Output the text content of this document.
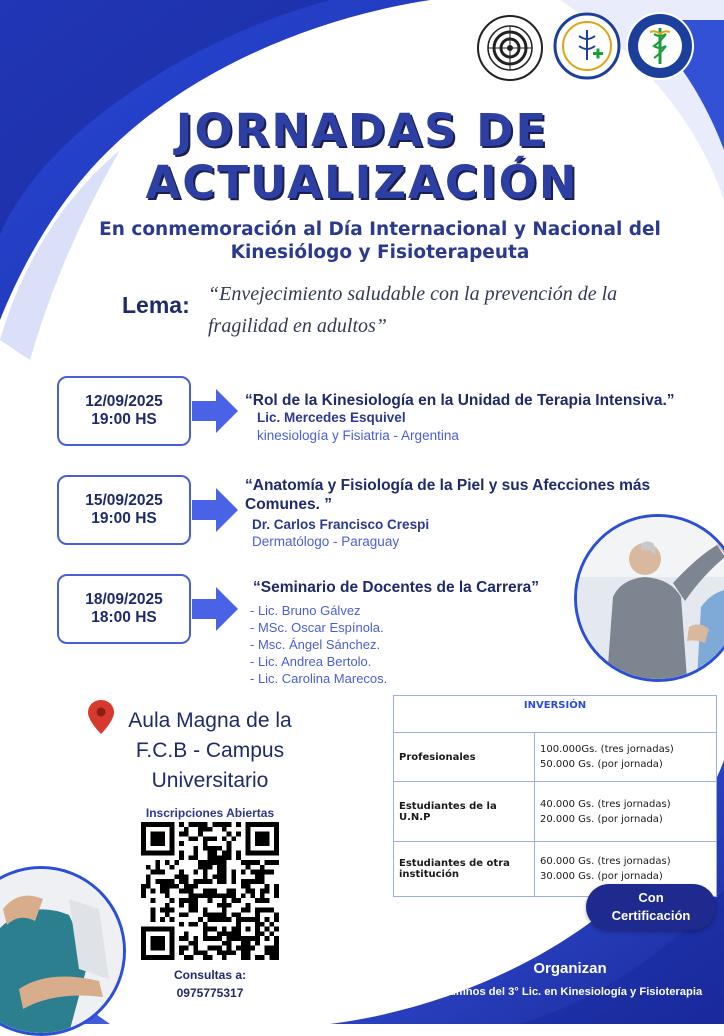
JORNADAS DE
ACTUALIZACIÓN
En conmemoración al Día Internacional y Nacional del
Kinesiólogo y Fisioterapeuta
Lema: “Envejecimiento saludable con la prevención de la fragilidad en adultos”
12/09/2025
19:00 HS
“Rol de la Kinesiología en la Unidad de Terapia Intensiva.”
Lic. Mercedes Esquivel
kinesiología y Fisiatria - Argentina
15/09/2025
19:00 HS
“Anatomía y Fisiología de la Piel y sus Afecciones más Comunes. ”
Dr. Carlos Francisco Crespi
Dermatólogo - Paraguay
18/09/2025
18:00 HS
“Seminario de Docentes de la Carrera”
- Lic. Bruno Gálvez
- MSc. Oscar Espínola.
- Msc. Ángel Sánchez.
- Lic. Andrea Bertolo.
- Lic. Carolina Marecos.
Aula Magna de la
F.C.B - Campus
Universitario
Inscripciones Abiertas
Consultas a:
0975775317
INVERSIÓN	
Profesionales	100.000Gs. (tres jornadas)
50.000 Gs. (por jornada)

Estudiantes de la U.N.P	40.000 Gs. (tres jornadas)
20.000 Gs. (por jornada)

Estudiantes de otra institución	60.000 Gs. (tres jornadas)
30.000 Gs. (por jornada)
Con
Certificación
Organizan
Alumnos del 3° Lic. en Kinesiología y Fisioterapia
